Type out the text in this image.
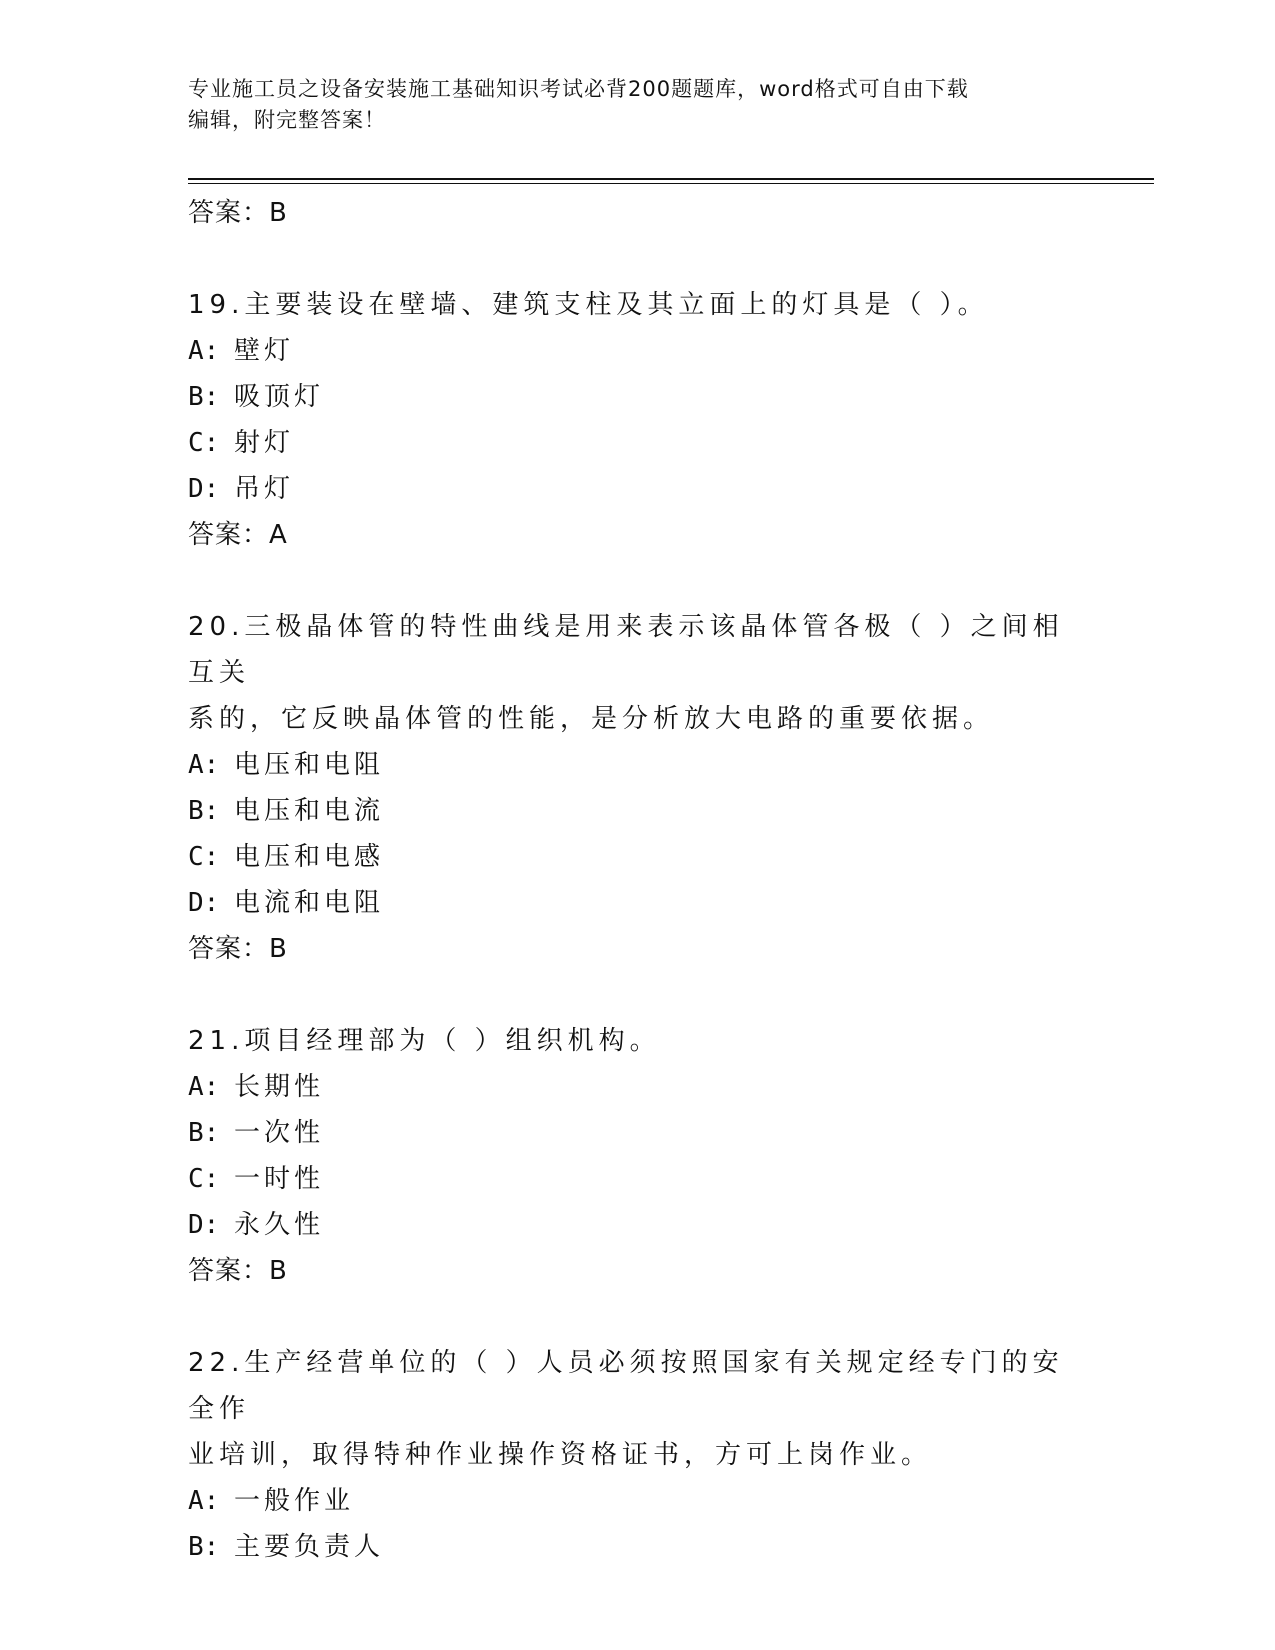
专业施工员之设备安装施工基础知识考试必背200题题库，word格式可自由下载
编辑，附完整答案！
答案：B
19.主要装设在壁墙、建筑支柱及其立面上的灯具是（ ）。
A: 壁灯
B: 吸顶灯
C: 射灯
D: 吊灯
答案：A
20.三极晶体管的特性曲线是用来表示该晶体管各极（ ）之间相互关
系的，它反映晶体管的性能，是分析放大电路的重要依据。
A: 电压和电阻
B: 电压和电流
C: 电压和电感
D: 电流和电阻
答案：B
21.项目经理部为（ ）组织机构。
A: 长期性
B: 一次性
C: 一时性
D: 永久性
答案：B
22.生产经营单位的（ ）人员必须按照国家有关规定经专门的安全作
业培训，取得特种作业操作资格证书，方可上岗作业。
A: 一般作业
B: 主要负责人
